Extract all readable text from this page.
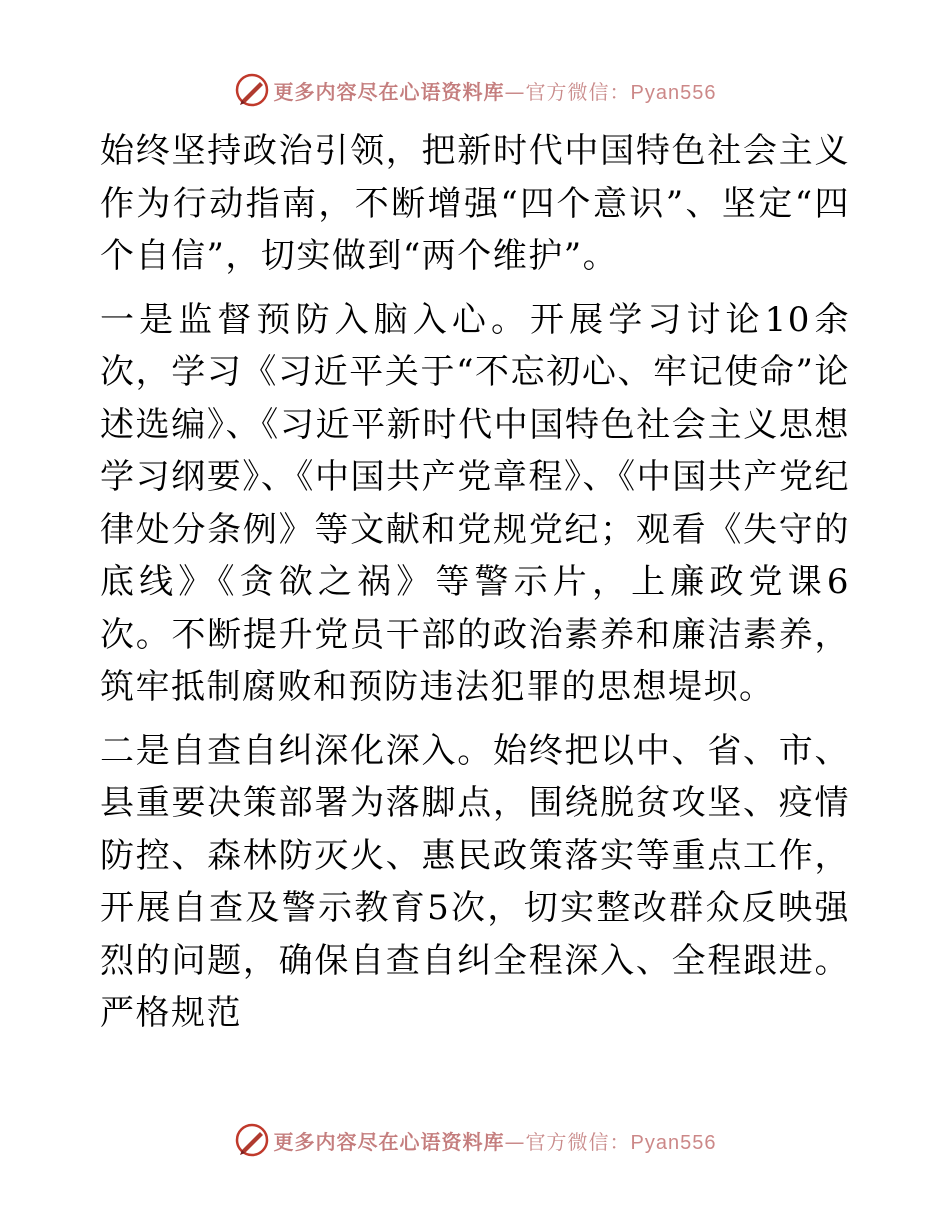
更多内容尽在心语资料库—官方微信：Pyan556

始终坚持政治引领，把新时代中国特色社会主义作为行动指南，不断增强“四个意识”、坚定“四个自信”，切实做到“两个维护”。

一是监督预防入脑入心。开展学习讨论10余次，学习《习近平关于“不忘初心、牢记使命”论述选编》、《习近平新时代中国特色社会主义思想学习纲要》、《中国共产党章程》、《中国共产党纪律处分条例》等文献和党规党纪；观看《失守的底线》《贪欲之祸》等警示片，上廉政党课6次。不断提升党员干部的政治素养和廉洁素养，筑牢抵制腐败和预防违法犯罪的思想堤坝。

二是自查自纠深化深入。始终把以中、省、市、县重要决策部署为落脚点，围绕脱贫攻坚、疫情防控、森林防灭火、惠民政策落实等重点工作，开展自查及警示教育5次，切实整改群众反映强烈的问题，确保自查自纠全程深入、全程跟进。严格规范

更多内容尽在心语资料库—官方微信：Pyan556
